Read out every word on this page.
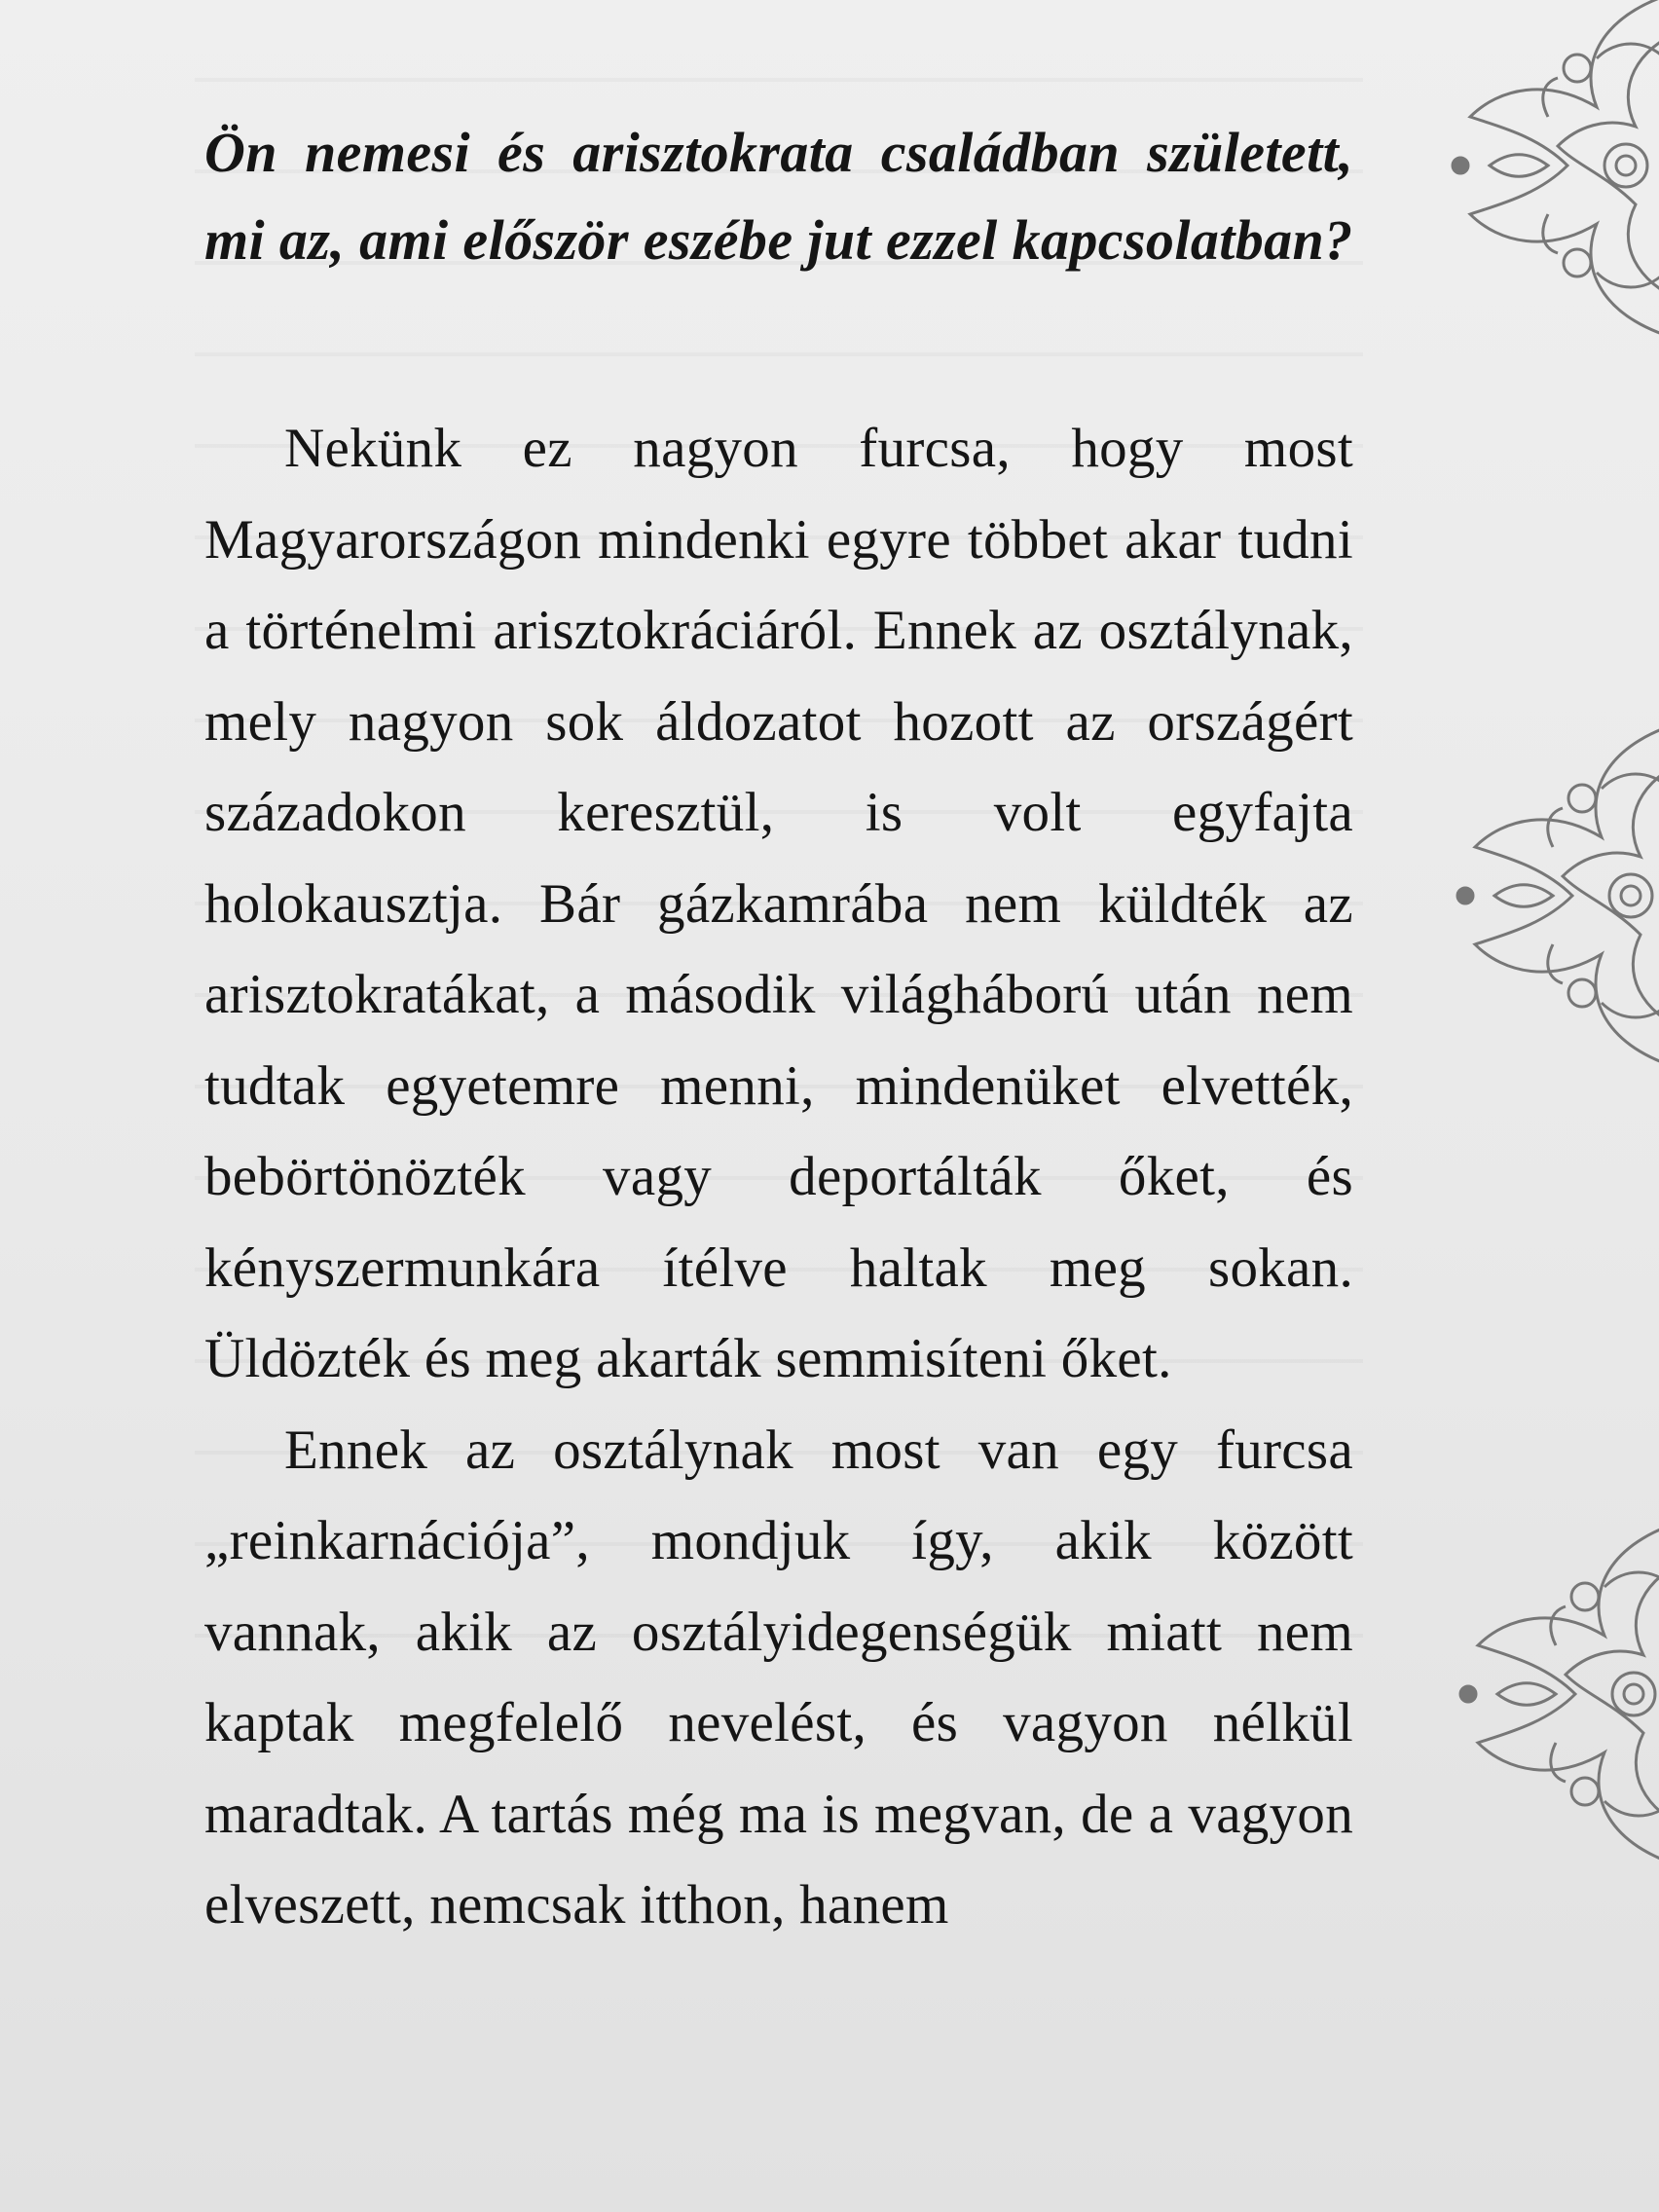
Ön nemesi és arisztokrata családban született, mi az, ami először eszébe jut ezzel kapcsolatban?

Nekünk ez nagyon furcsa, hogy most Magyarországon mindenki egyre többet akar tudni a történelmi arisztokráciáról. Ennek az osztálynak, mely nagyon sok áldozatot hozott az országért századokon keresztül, is volt egyfajta holokausztja. Bár gázkamrába nem küldték az arisztokratákat, a második világháború után nem tudtak egyetemre menni, mindenüket elvették, bebörtönözték vagy deportálták őket, és kényszermunkára ítélve haltak meg sokan. Üldözték és meg akarták semmisíteni őket.

Ennek az osztálynak most van egy furcsa „reinkarnációja”, mondjuk így, akik között vannak, akik az osztályidegenségük miatt nem kaptak megfelelő nevelést, és vagyon nélkül maradtak. A tartás még ma is megvan, de a vagyon elveszett, nemcsak itthon, hanem
